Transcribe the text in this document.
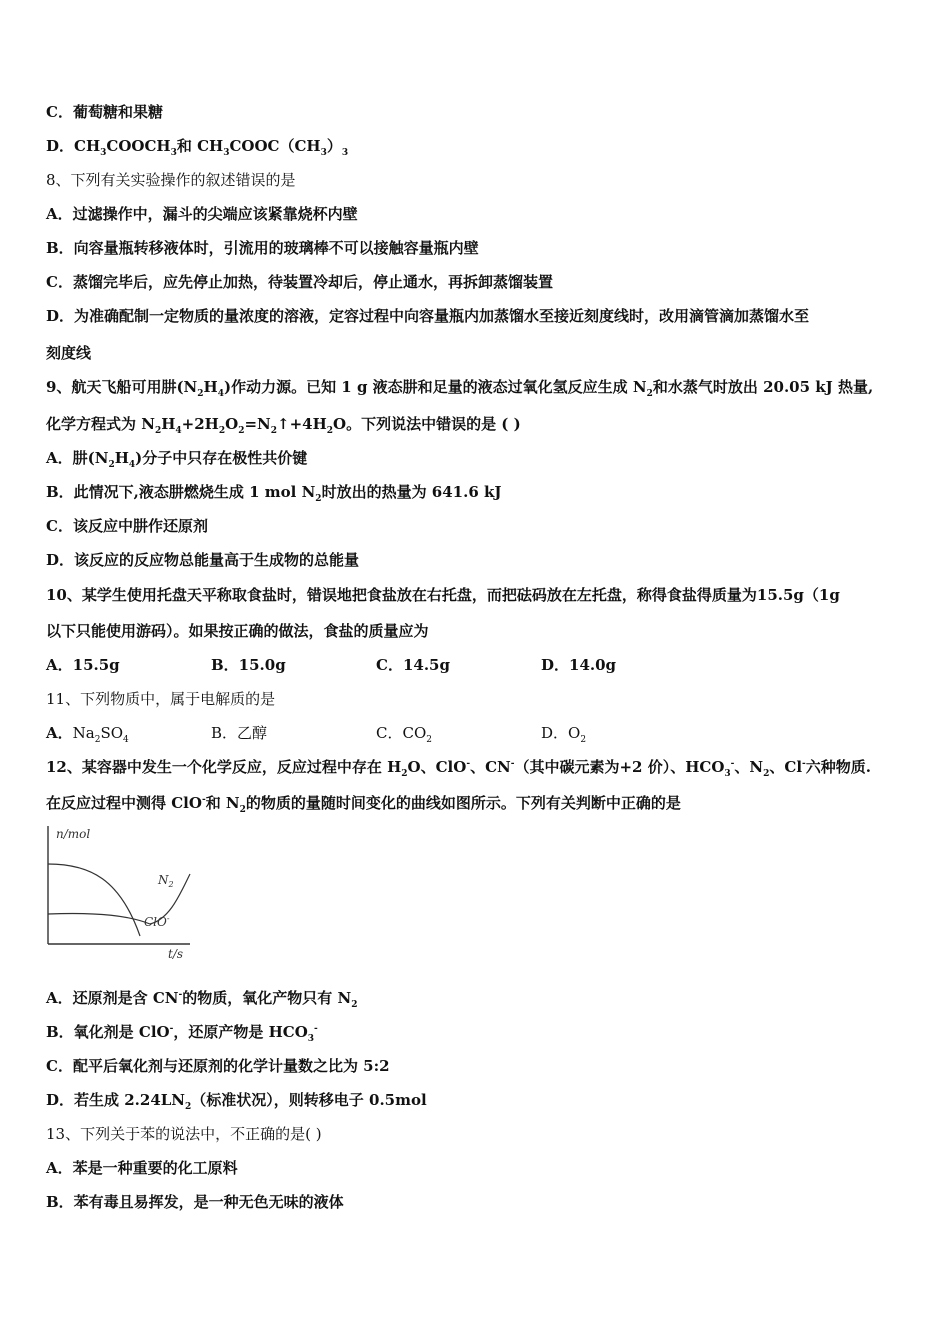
C．葡萄糖和果糖
D．$CH_3COOCH_3$和 $CH_3COOC(CH_3)_3$
8、下列有关实验操作的叙述错误的是
A．过滤操作中，漏斗的尖端应该紧靠烧杯内壁
B．向容量瓶转移液体时，引流用的玻璃棒不可以接触容量瓶内壁
C．蒸馏完毕后，应先停止加热，待装置冷却后，停止通水，再拆卸蒸馏装置
D．为准确配制一定物质的量浓度的溶液，定容过程中向容量瓶内加蒸馏水至接近刻度线时，改用滴管滴加蒸馏水至
刻度线
9、航天飞船可用肼$(N_2H_4)$作动力源。已知 1 g 液态肼和足量的液态过氧化氢反应生成 $N_2$和水蒸气时放出 20.05 kJ 热量,
化学方程式为 $N_2H_4+2H_2O_2=N_2↑+4H_2O$。下列说法中错误的是 ( )
A．肼$(N_2H_4)$分子中只存在极性共价键
B．此情况下,液态肼燃烧生成 1 mol $N_2$时放出的热量为 641.6 kJ
C．该反应中肼作还原剂
D．该反应的反应物总能量高于生成物的总能量
10、某学生使用托盘天平称取食盐时，错误地把食盐放在右托盘，而把砝码放在左托盘，称得食盐得质量为15.5g（1g
以下只能使用游码）。如果按正确的做法，食盐的质量应为
A．15.5g	B．15.0g	C．14.5g	D．14.0g
11、下列物质中，属于电解质的是
A．$Na_2SO_4$	B．乙醇	C．$CO_2$	D．$O_2$
12、某容器中发生一个化学反应，反应过程中存在 $H_2O$、ClO-、CN-（其中碳元素为+2 价）、$HCO_3^-$、$N_2$、Cl-六种物质.
在反应过程中测得 ClO-和 $N_2$的物质的量随时间变化的曲线如图所示。下列有关判断中正确的是
n/mol
t/s
$N_2$
ClO-
A．还原剂是含 CN-的物质，氧化产物只有 $N_2$
B．氧化剂是 ClO-，还原产物是 $HCO_3^-$
C．配平后氧化剂与还原剂的化学计量数之比为 5:2
D．若生成 $2.24LN_2$（标准状况），则转移电子 0.5mol
13、下列关于苯的说法中，不正确的是( )
A．苯是一种重要的化工原料
B．苯有毒且易挥发，是一种无色无味的液体
